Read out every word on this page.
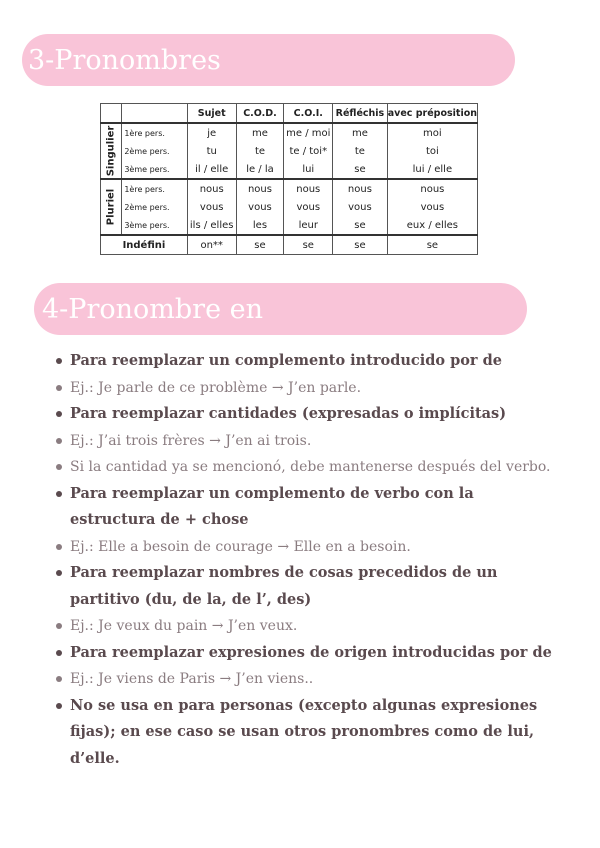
3-Pronombres
		Sujet	C.O.D.	C.O.I.	Réfléchis	avec préposition

Singulier	1ère pers.	je	me	me / moi	me	moi
	2ème pers.	tu	te	te / toi*	te	toi
	3ème pers.	il / elle	le / la	lui	se	lui / elle

Pluriel	1ère pers.	nous	nous	nous	nous	nous
	2ème pers.	vous	vous	vous	vous	vous
	3ème pers.	ils / elles	les	leur	se	eux / elles
Indéfini		on**	se	se	se	se
4-Pronombre en
Para reemplazar un complemento introducido por de
Ej.: Je parle de ce problème → J’en parle.
Para reemplazar cantidades (expresadas o implícitas)
Ej.: J’ai trois frères → J’en ai trois.
Si la cantidad ya se mencionó, debe mantenerse después del verbo.
Para reemplazar un complemento de verbo con la estructura de + chose
Ej.: Elle a besoin de courage → Elle en a besoin.
Para reemplazar nombres de cosas precedidos de un partitivo (du, de la, de l’, des)
Ej.: Je veux du pain → J’en veux.
Para reemplazar expresiones de origen introducidas por de
Ej.: Je viens de Paris → J’en viens..
No se usa en para personas (excepto algunas expresiones fijas); en ese caso se usan otros pronombres como de lui, d’elle.
